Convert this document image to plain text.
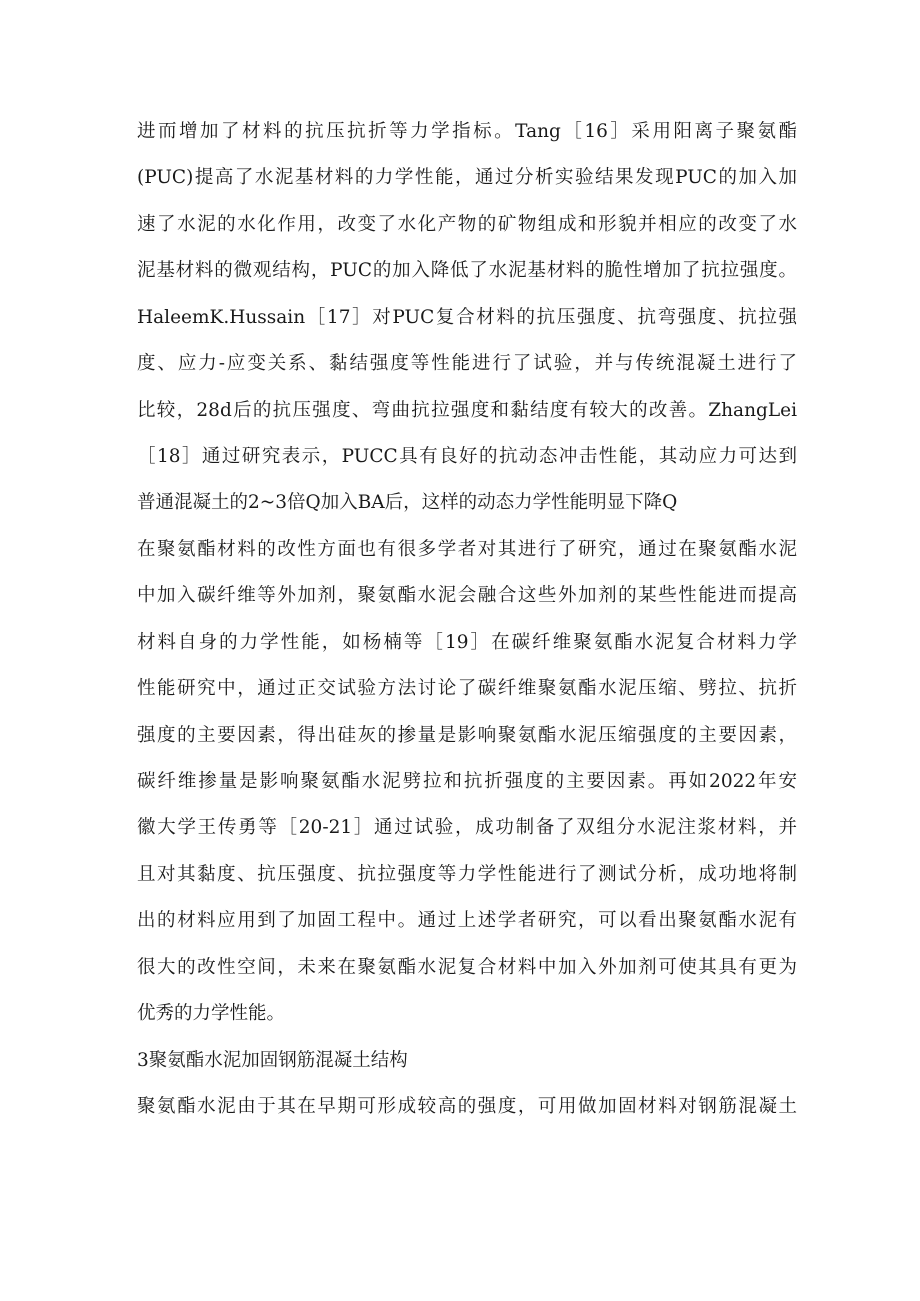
进而增加了材料的抗压抗折等力学指标。Tang［16］采用阳离子聚氨酯
(PUC)提高了水泥基材料的力学性能，通过分析实验结果发现PUC的加入加
速了水泥的水化作用，改变了水化产物的矿物组成和形貌并相应的改变了水
泥基材料的微观结构，PUC的加入降低了水泥基材料的脆性增加了抗拉强度。
HaleemK.Hussain［17］对PUC复合材料的抗压强度、抗弯强度、抗拉强
度、应力-应变关系、黏结强度等性能进行了试验，并与传统混凝土进行了
比较，28d后的抗压强度、弯曲抗拉强度和黏结度有较大的改善。ZhangLei
［18］通过研究表示，PUCC具有良好的抗动态冲击性能，其动应力可达到
普通混凝土的2~3倍Q加入BA后，这样的动态力学性能明显下降Q
在聚氨酯材料的改性方面也有很多学者对其进行了研究，通过在聚氨酯水泥
中加入碳纤维等外加剂，聚氨酯水泥会融合这些外加剂的某些性能进而提高
材料自身的力学性能，如杨楠等［19］在碳纤维聚氨酯水泥复合材料力学
性能研究中，通过正交试验方法讨论了碳纤维聚氨酯水泥压缩、劈拉、抗折
强度的主要因素，得出硅灰的掺量是影响聚氨酯水泥压缩强度的主要因素，
碳纤维掺量是影响聚氨酯水泥劈拉和抗折强度的主要因素。再如2022年安
徽大学王传勇等［20-21］通过试验，成功制备了双组分水泥注浆材料，并
且对其黏度、抗压强度、抗拉强度等力学性能进行了测试分析，成功地将制
出的材料应用到了加固工程中。通过上述学者研究，可以看出聚氨酯水泥有
很大的改性空间，未来在聚氨酯水泥复合材料中加入外加剂可使其具有更为
优秀的力学性能。
3聚氨酯水泥加固钢筋混凝土结构
聚氨酯水泥由于其在早期可形成较高的强度，可用做加固材料对钢筋混凝土
